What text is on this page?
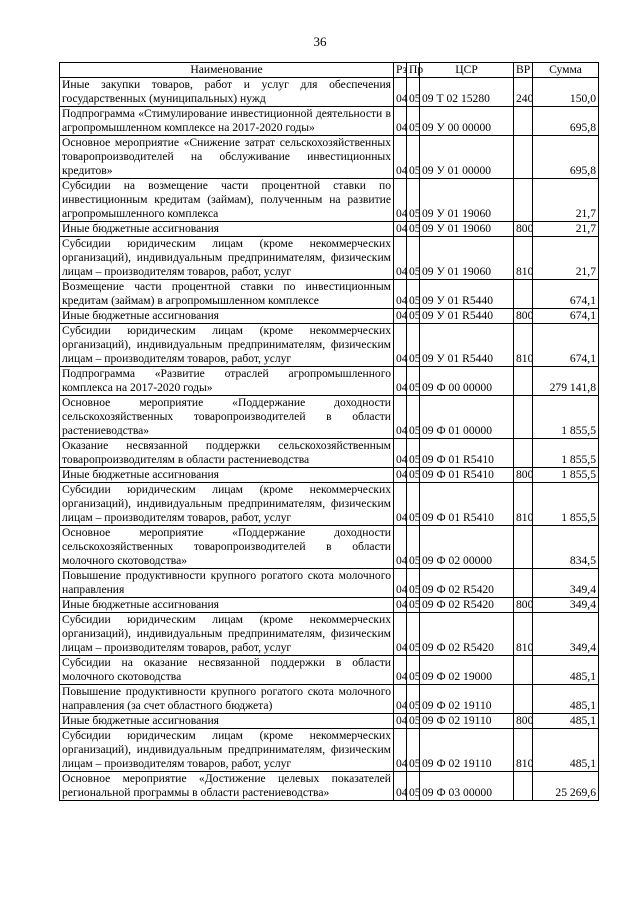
36
Наименование	Рз	Пр	ЦСР	ВР	Сумма
Иные закупки товаров, работ и услуг для обеспечения государственных (муниципальных) нужд	04	05	09 Т 02 15280	240	150,0
Подпрограмма «Стимулирование инвестиционной деятельности в агропромышленном комплексе на 2017-2020 годы»	04	05	09 У 00 00000		695,8
Основное мероприятие «Снижение затрат сельскохозяйственных товаропроизводителей на обслуживание инвестиционных кредитов»	04	05	09 У 01 00000		695,8
Субсидии на возмещение части процентной ставки по инвестиционным кредитам (займам), полученным на развитие агропромышленного комплекса	04	05	09 У 01 19060		21,7
Иные бюджетные ассигнования	04	05	09 У 01 19060	800	21,7
Субсидии юридическим лицам (кроме некоммерческих организаций), индивидуальным предпринимателям, физическим лицам – производителям товаров, работ, услуг	04	05	09 У 01 19060	810	21,7
Возмещение части процентной ставки по инвестиционным кредитам (займам) в агропромышленном комплексе	04	05	09 У 01 R5440		674,1
Иные бюджетные ассигнования	04	05	09 У 01 R5440	800	674,1
Субсидии юридическим лицам (кроме некоммерческих организаций), индивидуальным предпринимателям, физическим лицам – производителям товаров, работ, услуг	04	05	09 У 01 R5440	810	674,1
Подпрограмма «Развитие отраслей агропромышленного комплекса на 2017-2020 годы»	04	05	09 Ф 00 00000		279 141,8
Основное мероприятие «Поддержание доходности сельскохозяйственных товаропроизводителей в области растениеводства»	04	05	09 Ф 01 00000		1 855,5
Оказание несвязанной поддержки сельскохозяйственным товаропроизводителям в области растениеводства	04	05	09 Ф 01 R5410		1 855,5
Иные бюджетные ассигнования	04	05	09 Ф 01 R5410	800	1 855,5
Субсидии юридическим лицам (кроме некоммерческих организаций), индивидуальным предпринимателям, физическим лицам – производителям товаров, работ, услуг	04	05	09 Ф 01 R5410	810	1 855,5
Основное мероприятие «Поддержание доходности сельскохозяйственных товаропроизводителей в области молочного скотоводства»	04	05	09 Ф 02 00000		834,5
Повышение продуктивности крупного рогатого скота молочного направления	04	05	09 Ф 02 R5420		349,4
Иные бюджетные ассигнования	04	05	09 Ф 02 R5420	800	349,4
Субсидии юридическим лицам (кроме некоммерческих организаций), индивидуальным предпринимателям, физическим лицам – производителям товаров, работ, услуг	04	05	09 Ф 02 R5420	810	349,4
Субсидии на оказание несвязанной поддержки в области молочного скотоводства	04	05	09 Ф 02 19000		485,1
Повышение продуктивности крупного рогатого скота молочного направления (за счет областного бюджета)	04	05	09 Ф 02 19110		485,1
Иные бюджетные ассигнования	04	05	09 Ф 02 19110	800	485,1
Субсидии юридическим лицам (кроме некоммерческих организаций), индивидуальным предпринимателям, физическим лицам – производителям товаров, работ, услуг	04	05	09 Ф 02 19110	810	485,1
Основное мероприятие «Достижение целевых показателей региональной программы в области растениеводства»	04	05	09 Ф 03 00000		25 269,6
